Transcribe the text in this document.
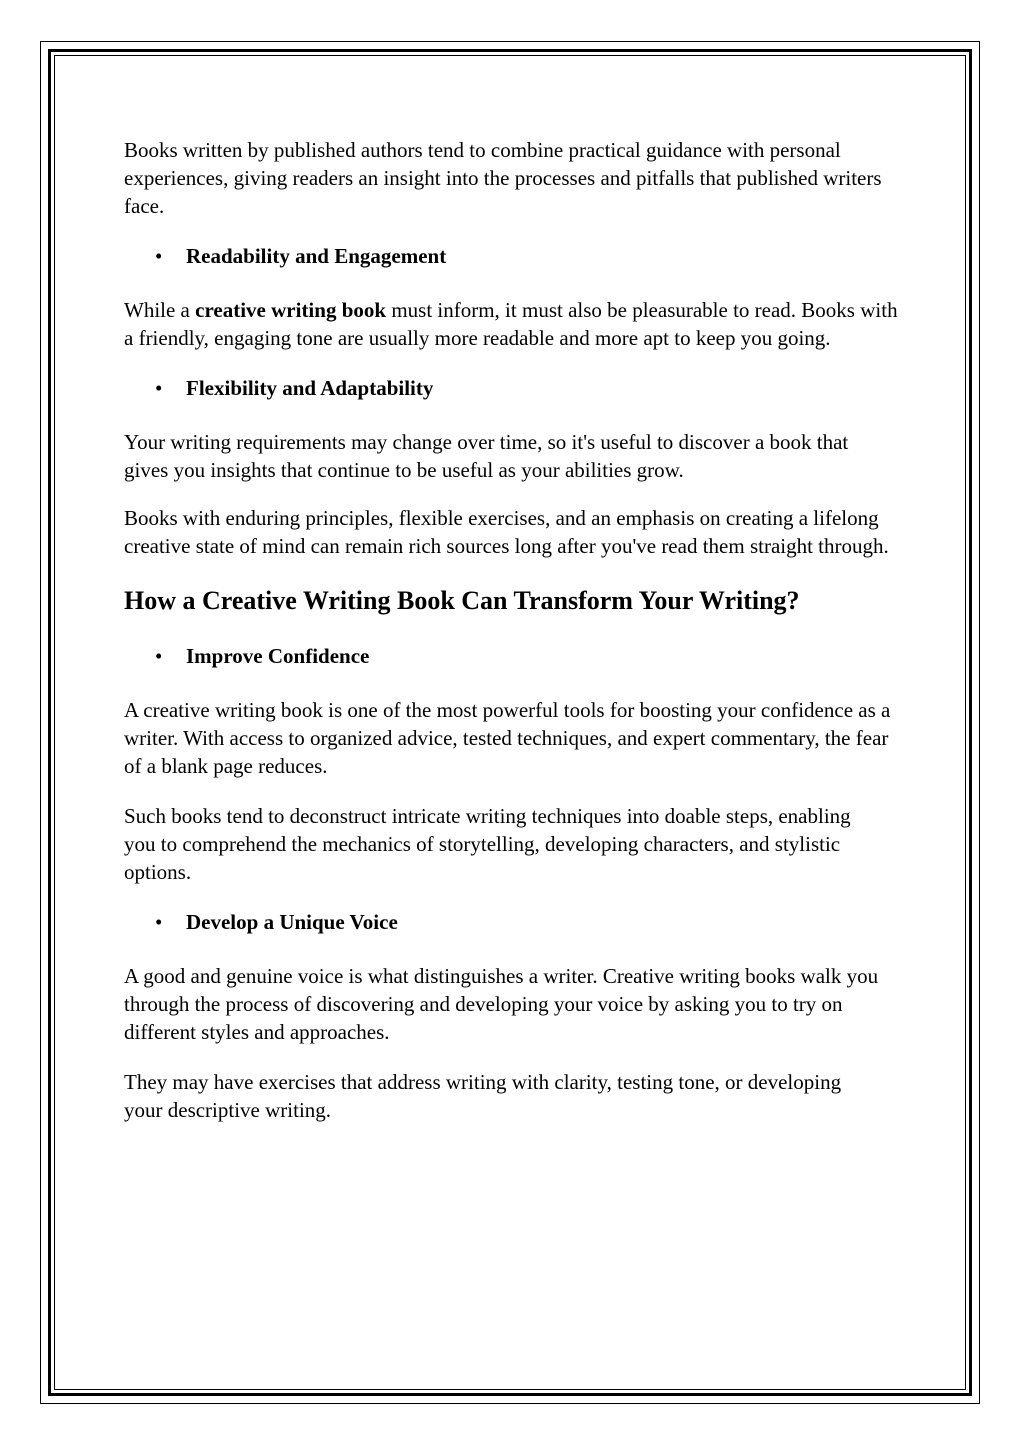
Books written by published authors tend to combine practical guidance with personal experiences, giving readers an insight into the processes and pitfalls that published writers face.

• Readability and Engagement

While a creative writing book must inform, it must also be pleasurable to read. Books with a friendly, engaging tone are usually more readable and more apt to keep you going.

• Flexibility and Adaptability

Your writing requirements may change over time, so it's useful to discover a book that gives you insights that continue to be useful as your abilities grow.

Books with enduring principles, flexible exercises, and an emphasis on creating a lifelong creative state of mind can remain rich sources long after you've read them straight through.

How a Creative Writing Book Can Transform Your Writing?
• Improve Confidence

A creative writing book is one of the most powerful tools for boosting your confidence as a writer. With access to organized advice, tested techniques, and expert commentary, the fear of a blank page reduces.

Such books tend to deconstruct intricate writing techniques into doable steps, enabling you to comprehend the mechanics of storytelling, developing characters, and stylistic options.

• Develop a Unique Voice

A good and genuine voice is what distinguishes a writer. Creative writing books walk you through the process of discovering and developing your voice by asking you to try on different styles and approaches.

They may have exercises that address writing with clarity, testing tone, or developing your descriptive writing.
